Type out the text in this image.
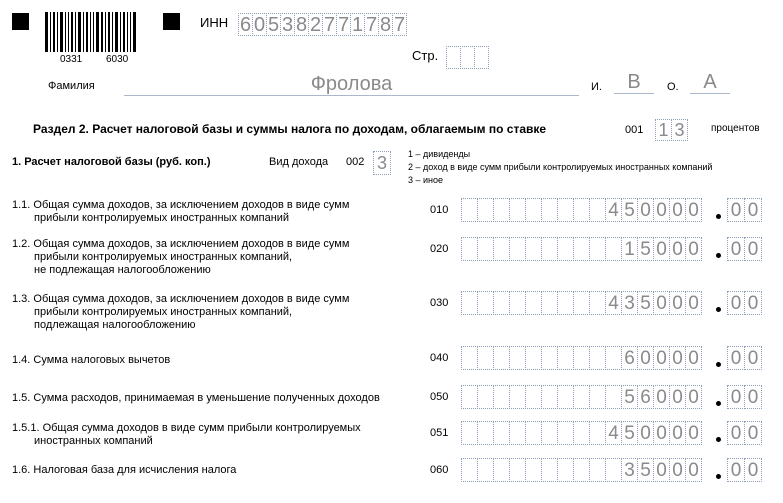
0331 6030
ИНН 6 0 5 3 8 2 7 7 1 7 8 7
Стр.
Фамилия	Фролова	И.	В	О.	А
Раздел 2. Расчет налоговой базы и суммы налога по доходам, облагаемым по ставке	001 1 3	процентов
1. Расчет налоговой базы (руб. коп.)	Вид дохода 002 3	1 – дивиденды
2 – доход в виде сумм прибыли контролируемых иностранных компаний
3 – иное
1.1. Общая сумма доходов, за исключением доходов в виде сумм
прибыли контролируемых иностранных компаний
010	4 5 0 0 0 0 0 0
1.2. Общая сумма доходов, за исключением доходов в виде сумм
прибыли контролируемых иностранных компаний,
не подлежащая налогообложению
020	1 5 0 0 0 0 0
1.3. Общая сумма доходов, за исключением доходов в виде сумм
прибыли контролируемых иностранных компаний,
подлежащая налогообложению
030	4 3 5 0 0 0 0 0
1.4. Сумма налоговых вычетов	040	6 0 0 0 0 0 0
1.5. Сумма расходов, принимаемая в уменьшение полученных доходов	050	5 6 0 0 0 0 0
1.5.1. Общая сумма доходов в виде сумм прибыли контролируемых
иностранных компаний
051	4 5 0 0 0 0 0 0
1.6. Налоговая база для исчисления налога	060	3 5 0 0 0 0 0
